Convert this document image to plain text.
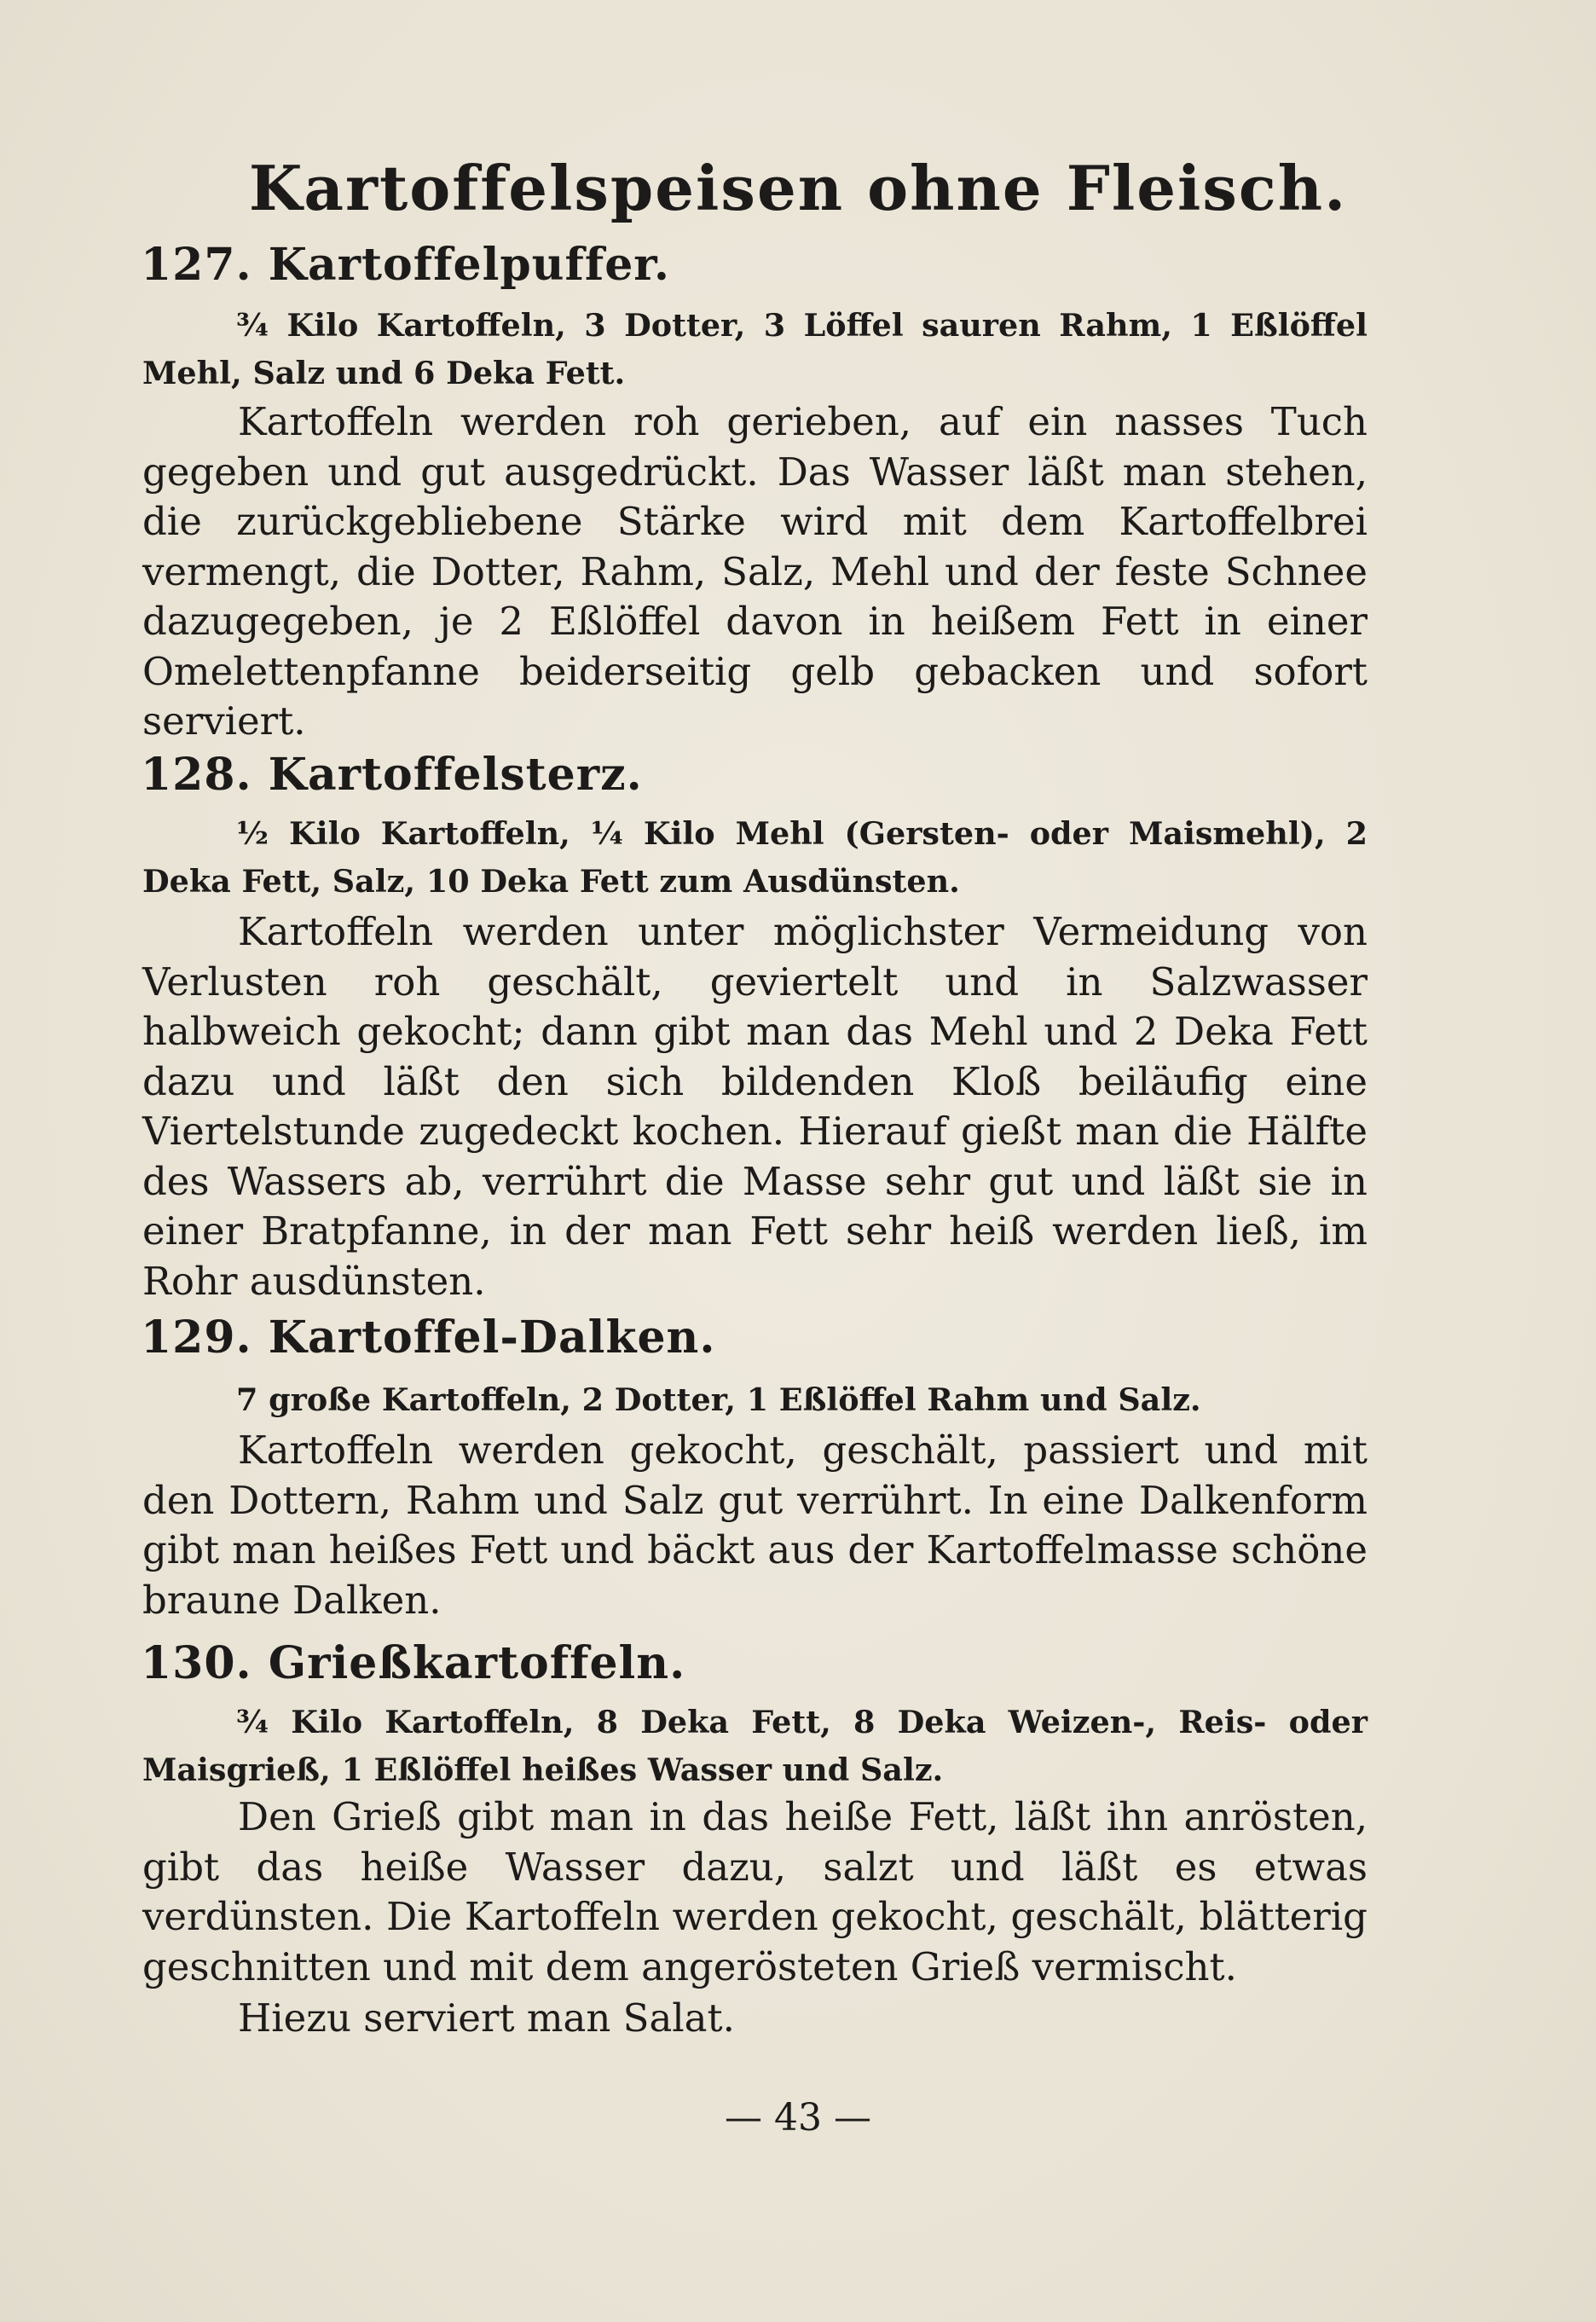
Kartoffelspeisen ohne Fleisch.
127. Kartoffelpuffer.

¾ Kilo Kartoffeln, 3 Dotter, 3 Löffel sauren Rahm, 1 Eßlöffel Mehl, Salz und 6 Deka Fett.

Kartoffeln werden roh gerieben, auf ein nasses Tuch gegeben und gut ausgedrückt. Das Wasser läßt man stehen, die zurückgebliebene Stärke wird mit dem Kartoffelbrei vermengt, die Dotter, Rahm, Salz, Mehl und der feste Schnee dazugegeben, je 2 Eßlöffel davon in heißem Fett in einer Omelettenpfanne beiderseitig gelb gebacken und sofort serviert.

128. Kartoffelsterz.

½ Kilo Kartoffeln, ¼ Kilo Mehl (Gersten- oder Maismehl), 2 Deka Fett, Salz, 10 Deka Fett zum Ausdünsten.

Kartoffeln werden unter möglichster Vermeidung von Verlusten roh geschält, geviertelt und in Salzwasser halbweich gekocht; dann gibt man das Mehl und 2 Deka Fett dazu und läßt den sich bildenden Kloß beiläufig eine Viertelstunde zugedeckt kochen. Hierauf gießt man die Hälfte des Wassers ab, verrührt die Masse sehr gut und läßt sie in einer Bratpfanne, in der man Fett sehr heiß werden ließ, im Rohr ausdünsten.

129. Kartoffel-Dalken.

7 große Kartoffeln, 2 Dotter, 1 Eßlöffel Rahm und Salz.

Kartoffeln werden gekocht, geschält, passiert und mit den Dottern, Rahm und Salz gut verrührt. In eine Dalkenform gibt man heißes Fett und bäckt aus der Kartoffelmasse schöne braune Dalken.

130. Grießkartoffeln.

¾ Kilo Kartoffeln, 8 Deka Fett, 8 Deka Weizen-, Reis- oder Maisgrieß, 1 Eßlöffel heißes Wasser und Salz.

Den Grieß gibt man in das heiße Fett, läßt ihn anrösten, gibt das heiße Wasser dazu, salzt und läßt es etwas verdünsten. Die Kartoffeln werden gekocht, geschält, blätterig geschnitten und mit dem angerösteten Grieß vermischt.

Hiezu serviert man Salat.

— 43 —
